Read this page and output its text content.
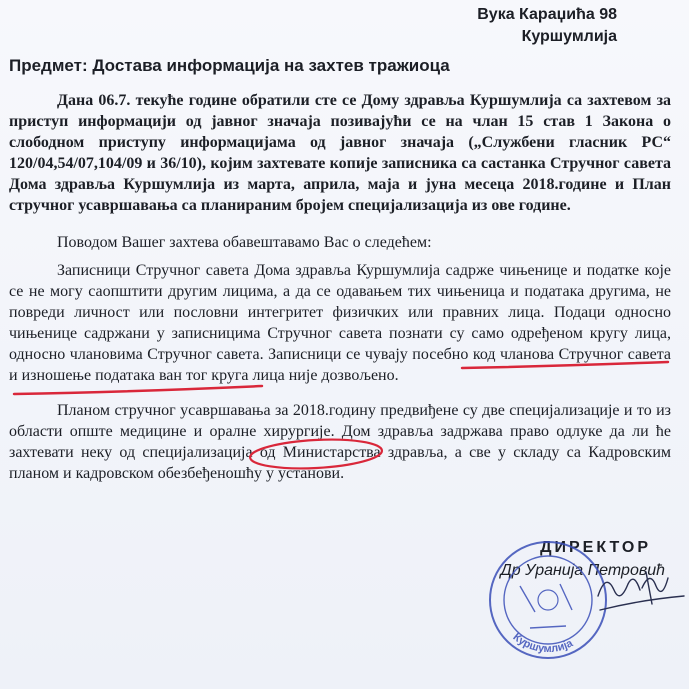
Вука Караџића 98
Куршумлија
Предмет: Достава информација на захтев тражиоца

Дана 06.7. текуће године обратили сте се Дому здравља Куршумлија са захтевом за приступ информацији од јавног значаја позивајући се на члан 15 став 1 Закона о слободном приступу информацијама од јавног значаја („Службени гласник РС“ 120/04,54/07,104/09 и 36/10), којим захтевате копије записника са састанка Стручног савета Дома здравља Куршумлија из марта, априла, маја и јуна месеца 2018.године и План стручног усавршавања са планираним бројем специјализација из ове године.

Поводом Вашег захтева обавештавамо Вас о следећем:

Записници Стручног савета Дома здравља Куршумлија садрже чињенице и податке које се не могу саопштити другим лицима, а да се одавањем тих чињеница и података другима, не повреди личност или пословни интегритет физичких или правних лица. Подаци односно чињенице садржани у записницима Стручног савета познати су само одређеном кругу лица, односно члановима Стручног савета. Записници се чувају посебно код чланова Стручног савета и изношење података ван тог круга лица није дозвољено.

Планом стручног усавршавања за 2018.годину предвиђене су две специјализације и то из области опште медицине и оралне хирургије. Дом здравља задржава право одлуке да ли ће захтевати неку од специјализација од Министарства здравља, а све у складу са Кадровским планом и кадровском обезбеђеношћу у установи.

ДИРЕКТОР
Др Уранија Петровић
Куршумлија
